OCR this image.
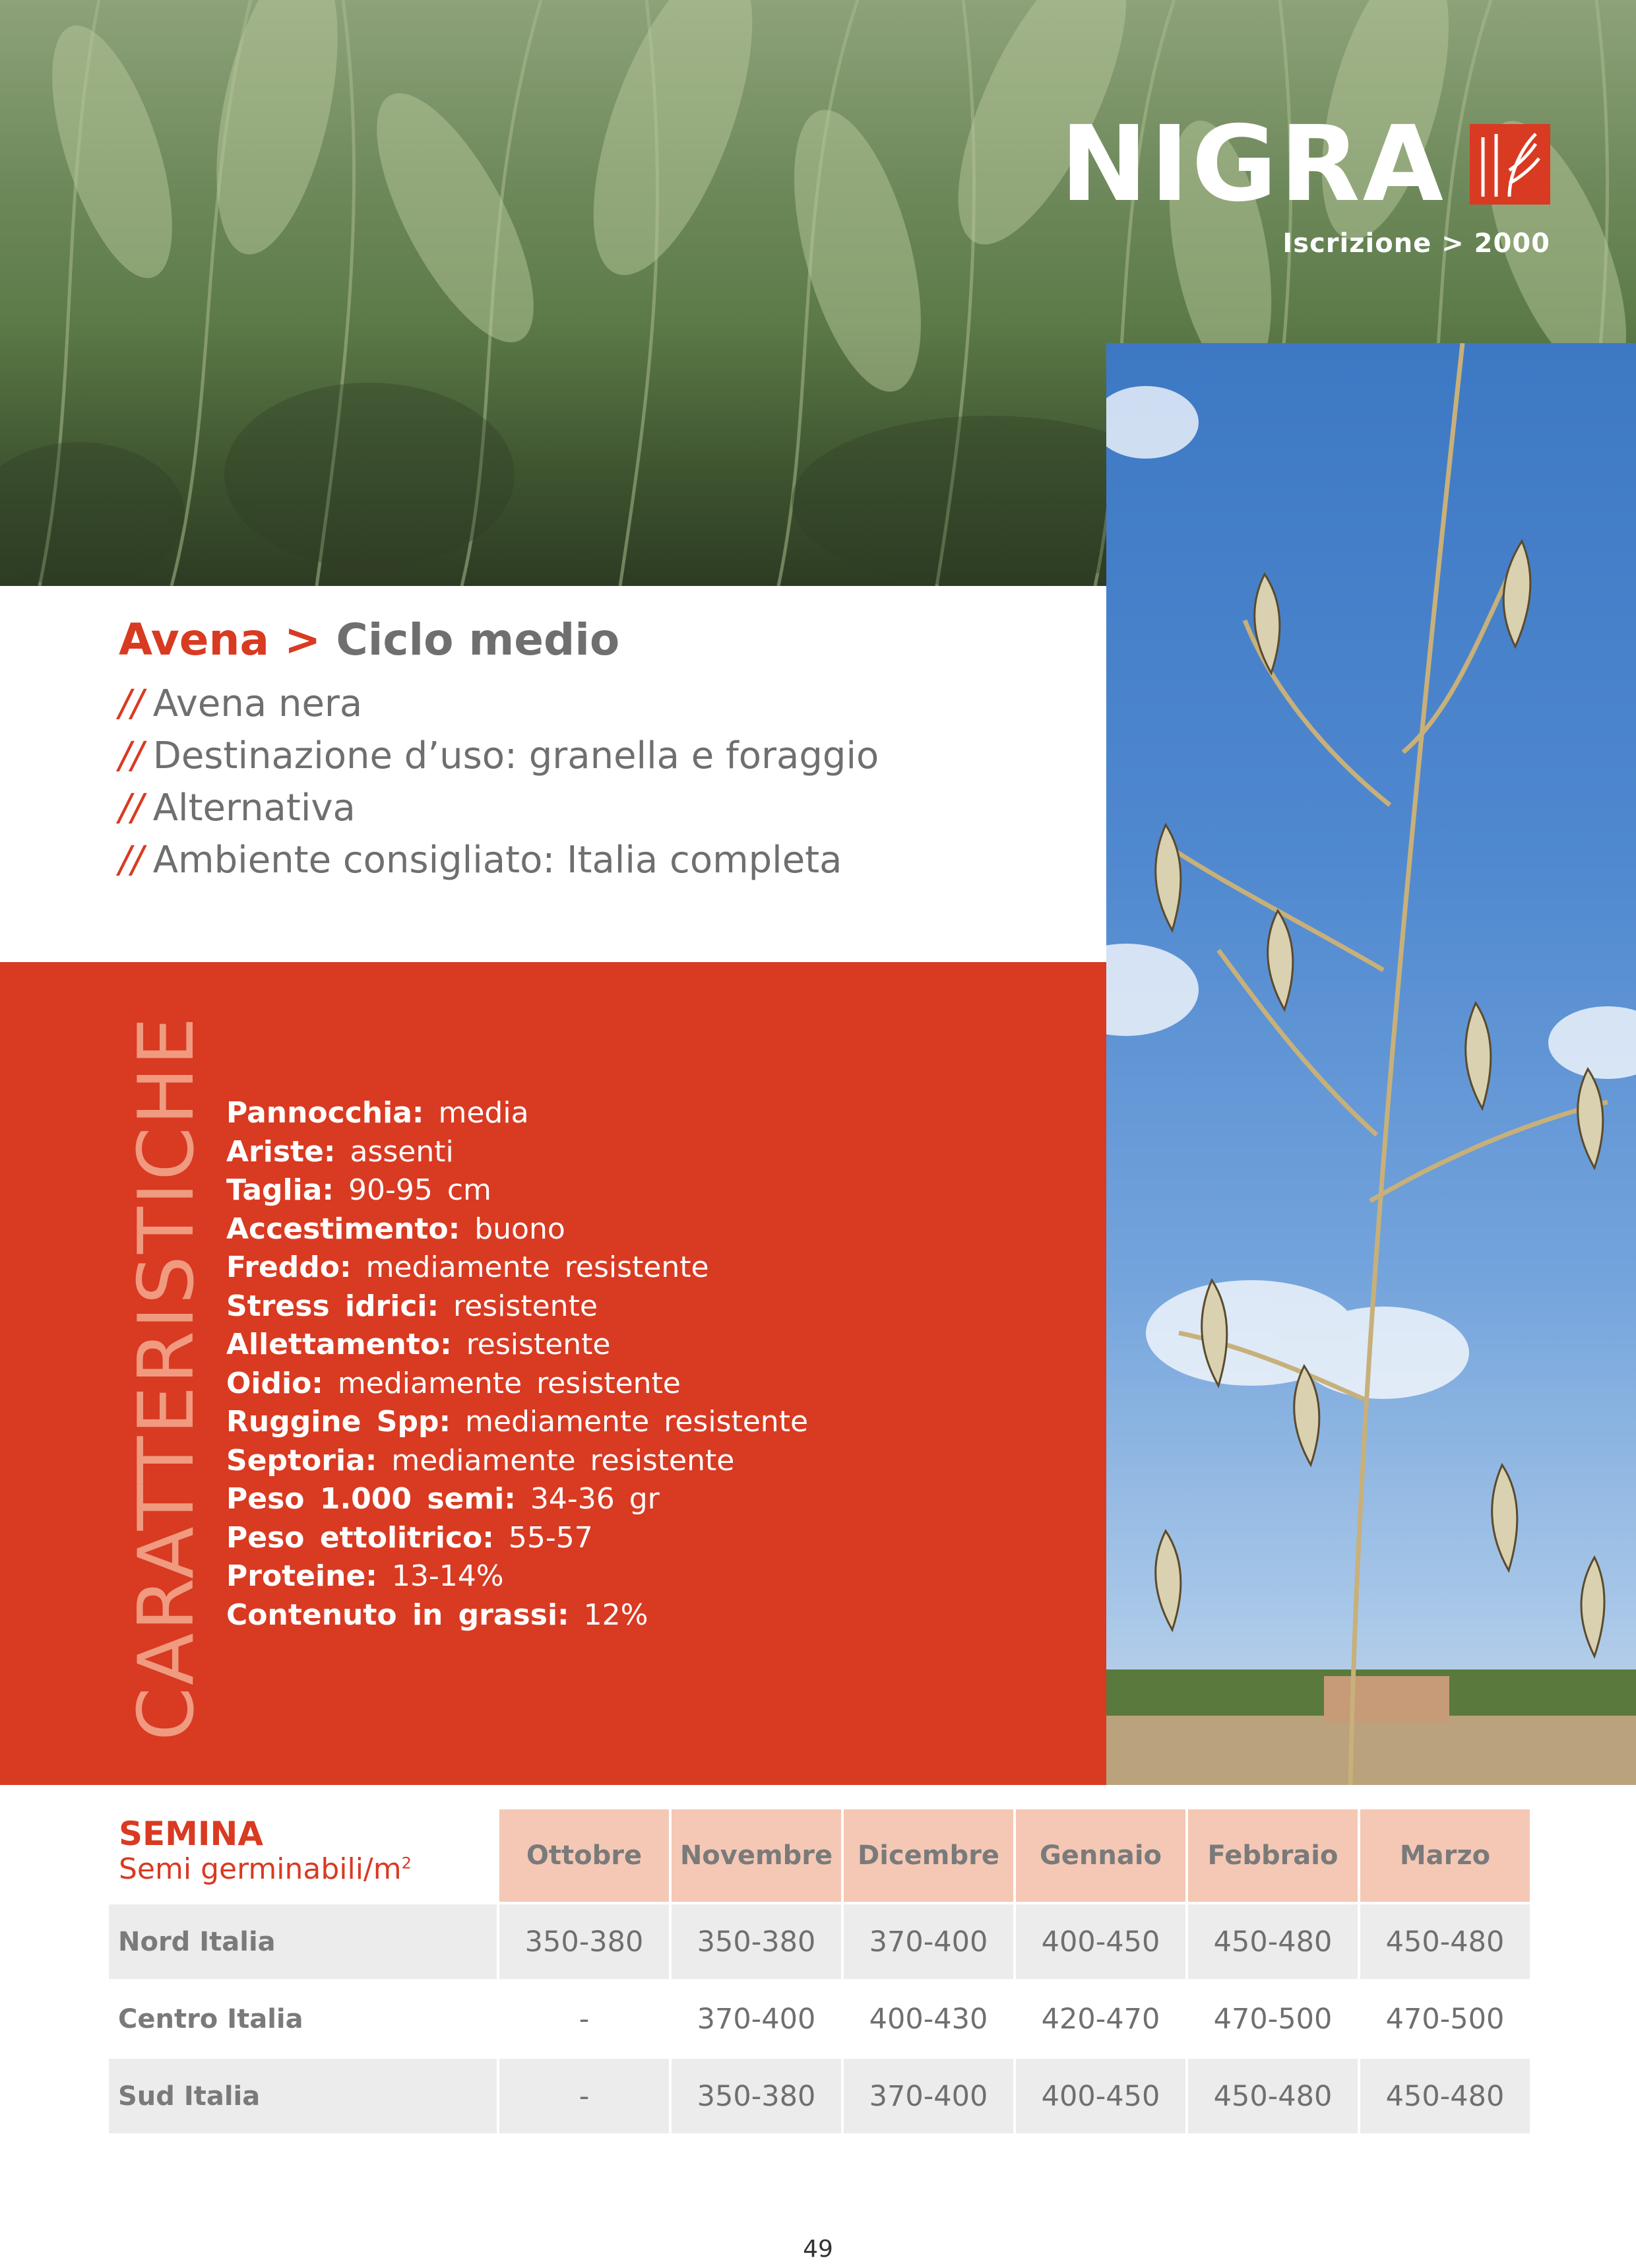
NIGRA
Iscrizione > 2000
Avena > Ciclo medio
// Avena nera
// Destinazione d’uso: granella e foraggio
// Alternativa
// Ambiente consigliato: Italia completa
CARATTERISTICHE Pannocchia: media
Ariste: assenti
Taglia: 90-95 cm
Accestimento: buono
Freddo: mediamente resistente
Stress idrici: resistente
Allettamento: resistente
Oidio: mediamente resistente
Ruggine Spp: mediamente resistente
Septoria: mediamente resistente
Peso 1.000 semi: 34-36 gr
Peso ettolitrico: 55-57
Proteine: 13-14%
Contenuto in grassi: 12%
	Ottobre	Novembre	Dicembre	Gennaio	Febbraio	Marzo
Nord Italia	350-380	350-380	370-400	400-450	450-480	450-480
Centro Italia	-	370-400	400-430	420-470	470-500	470-500
Sud Italia	-	350-380	370-400	400-450	450-480	450-480
SEMINA
Semi germinabili/$m^2$
49
